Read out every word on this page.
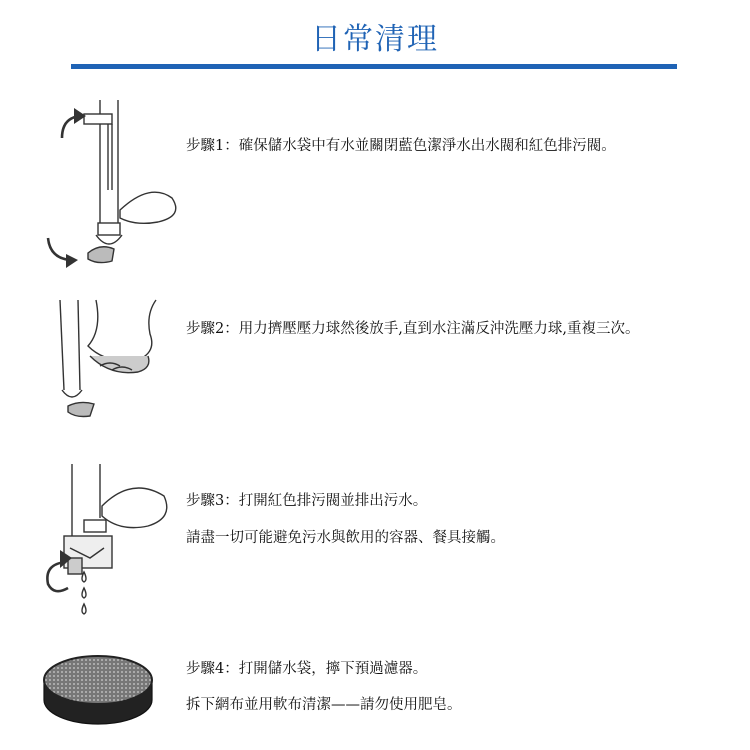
日常清理
步驟1：確保儲水袋中有水並關閉藍色潔淨水出水閥和紅色排污閥。
步驟2：用力擠壓壓力球然後放手,直到水注滿反沖洗壓力球,重複三次。
步驟3：打開紅色排污閥並排出污水。
請盡一切可能避免污水與飲用的容器、餐具接觸。
步驟4：打開儲水袋，擰下預過濾器。
拆下網布並用軟布清潔——請勿使用肥皂。
